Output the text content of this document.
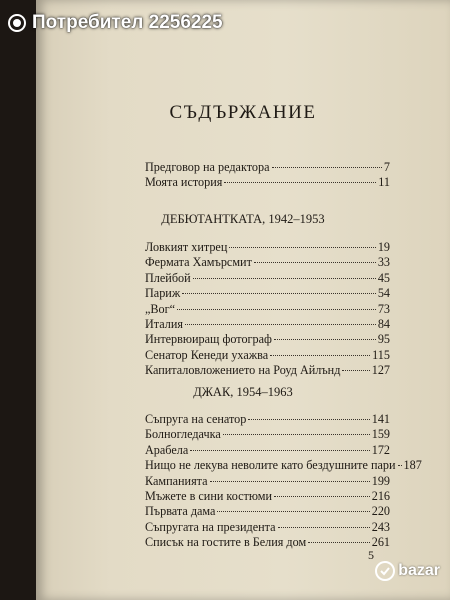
Потребител 2256225
СЪДЪРЖАНИЕ
Предговор на редактора	7
Моята история	11
ДЕБЮТАНТКАТА, 1942–1953
Ловкият хитрец	19
Фермата Хамърсмит	33
Плейбой	45
Париж	54
„Вог“	73
Италия	84
Интервюиращ фотограф	95
Сенатор Кенеди ухажва	115
Капиталовложението на Роуд Айлънд	127
ДЖАК, 1954–1963
Съпруга на сенатор	141
Болногледачка	159
Арабела	172
Нищо не лекува неволите като бездушните пари 187
Кампанията	199
Мъжете в сини костюми	216
Първата дама	220
Съпругата на президента	243
Списък на гостите в Белия дом	261
5
bazar
